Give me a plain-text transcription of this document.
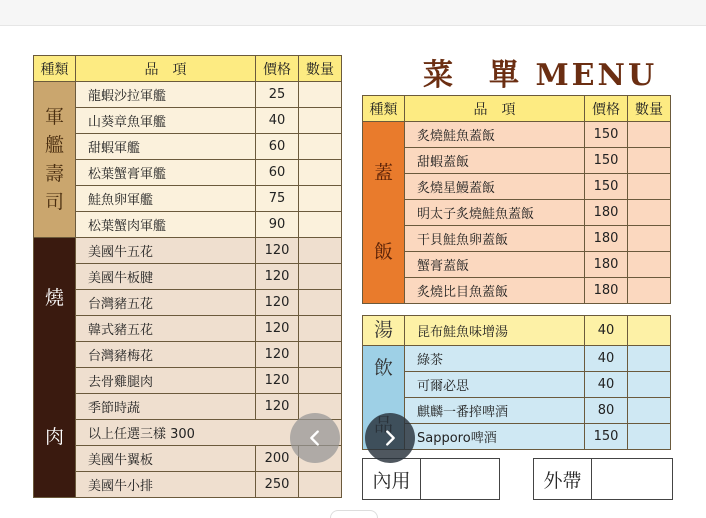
種類	品　項	價格	數量
軍
艦
壽
司	龍蝦沙拉軍艦	25	
	山葵章魚軍艦	40	
	甜蝦軍艦	60	
	松葉蟹膏軍艦	60	
	鮭魚卵軍艦	75	
	松葉蟹肉軍艦	90	

燒
肉	美國牛五花	120	
	美國牛板腱	120	
	台灣豬五花	120	
	韓式豬五花	120	
	台灣豬梅花	120	
	去骨雞腿肉	120	
	季節時蔬	120	
	以上任選三樣 300		
	美國牛翼板	200	
	美國牛小排	250	
菜　單 MENU
種類	品　項	價格	數量

蓋
飯	炙燒鮭魚蓋飯	150	
	甜蝦蓋飯	150	
	炙燒星鰻蓋飯	150	
	明太子炙燒鮭魚蓋飯	180	
	干貝鮭魚卵蓋飯	180	
	蟹膏蓋飯	180	
	炙燒比目魚蓋飯	180	
湯	昆布鮭魚味增湯	40	
飲	綠茶	40	
	可爾必思	40	
	麒麟一番搾啤酒	80	
	Sapporo啤酒	150	
內用	外帶
